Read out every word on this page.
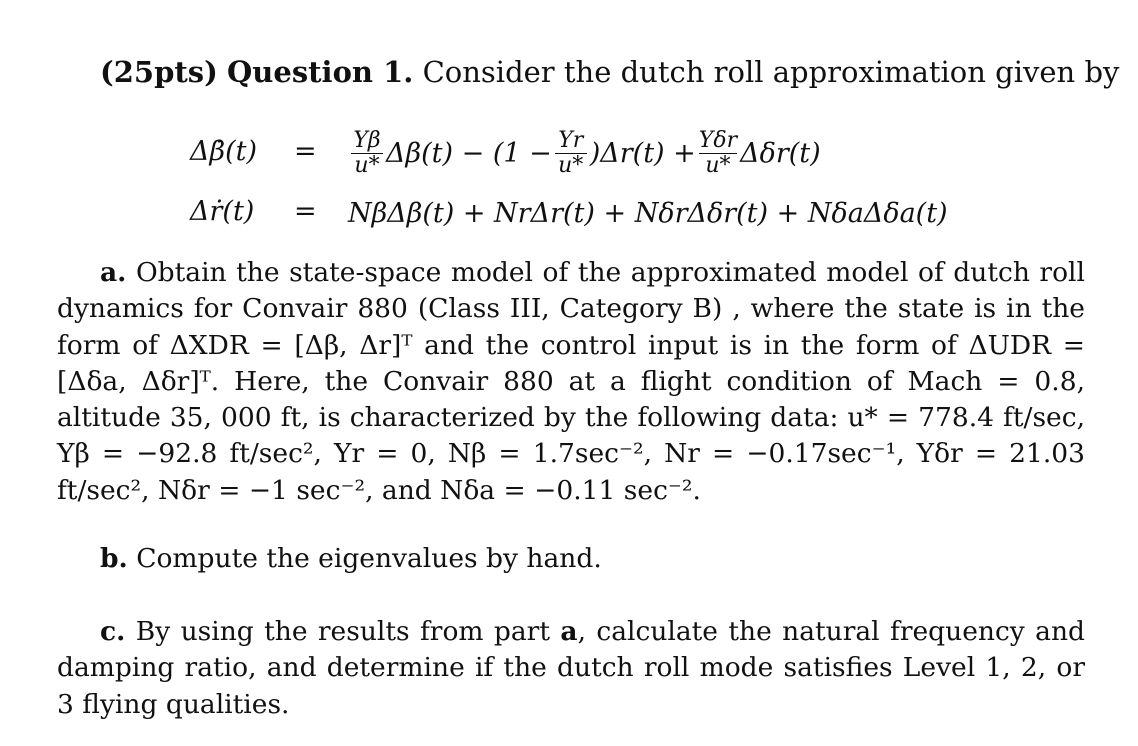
(25pts) Question 1. Consider the dutch roll approximation given by
Δβ̇(t) = $\frac{Y\beta}{u*} \Delta\beta(t) - (1 - \frac{Yr}{u*} )\Delta r(t) + \frac{\text{Yδr}}{u*} \Delta\delta r(t)$
Δṙ(t) = NβΔβ(t) + NrΔr(t) + NδrΔδr(t) + NδaΔδa(t)
a. Obtain the state-space model of the approximated model of dutch roll dynamics for Convair 880 (Class III, Category B) , where the state is in the form of ΔXDR = [Δβ, Δr]ᵀ and the control input is in the form of ΔUDR = [Δδa, Δδr]ᵀ. Here, the Convair 880 at a flight condition of Mach = 0.8, altitude 35, 000 ft, is characterized by the following data: u* = 778.4 ft/sec, Yβ = −92.8 ft/sec², Yr = 0, Nβ = 1.7sec⁻², Nr = −0.17sec⁻¹, Yδr = 21.03 ft/sec², Nδr = −1 sec⁻², and Nδa = −0.11 sec⁻².
b. Compute the eigenvalues by hand.
c. By using the results from part a, calculate the natural frequency and damping ratio, and determine if the dutch roll mode satisfies Level 1, 2, or 3 flying qualities.
